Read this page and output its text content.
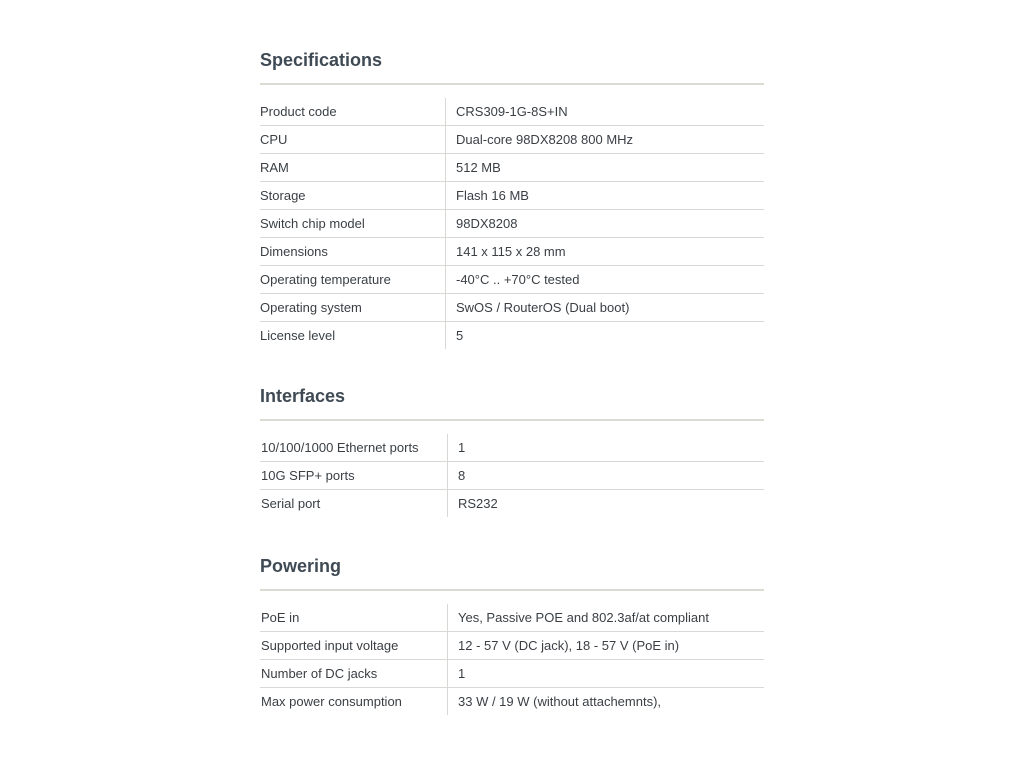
Specifications
Product code	CRS309-1G-8S+IN
CPU	Dual-core 98DX8208 800 MHz
RAM	512 MB
Storage	Flash 16 MB
Switch chip model	98DX8208
Dimensions	141 x 115 x 28 mm
Operating temperature	-40°C .. +70°C tested
Operating system	SwOS / RouterOS (Dual boot)
License level	5
Interfaces
10/100/1000 Ethernet ports	1
10G SFP+ ports	8
Serial port	RS232
Powering
PoE in	Yes, Passive POE and 802.3af/at compliant
Supported input voltage	12 - 57 V (DC jack), 18 - 57 V (PoE in)
Number of DC jacks	1
Max power consumption	33 W / 19 W (without attachemnts),
